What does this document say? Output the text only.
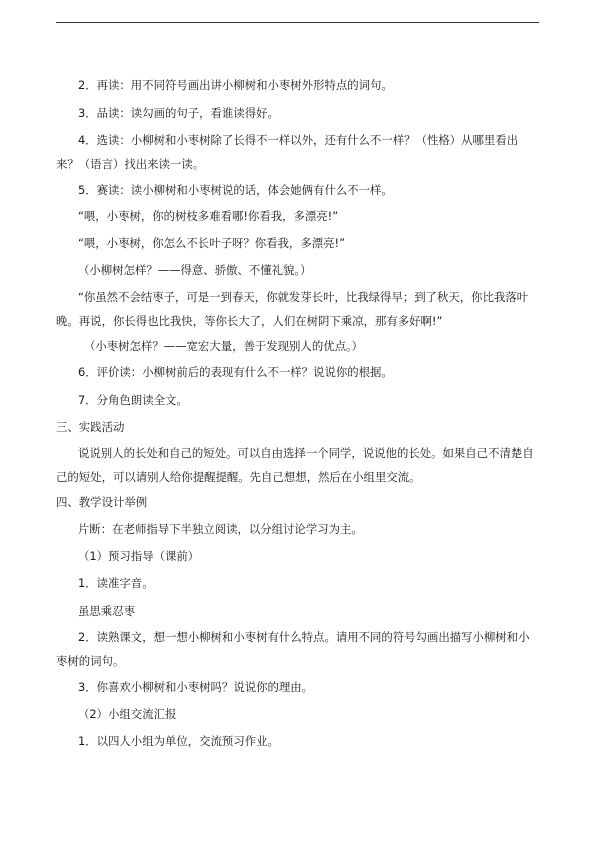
2．再读：用不同符号画出讲小柳树和小枣树外形特点的词句。
3．品读：读勾画的句子，看谁读得好。
4．选读：小柳树和小枣树除了长得不一样以外，还有什么不一样？（性格）从哪里看出来？（语言）找出来读一读。
5．赛读：读小柳树和小枣树说的话，体会她俩有什么不一样。
“喂，小枣树，你的树枝多难看哪!你看我，多漂亮!”
“喂，小枣树，你怎么不长叶子呀？你看我，多漂亮!”
（小柳树怎样？——得意、骄傲、不懂礼貌。）
“你虽然不会结枣子，可是一到春天，你就发芽长叶，比我绿得早；到了秋天，你比我落叶晚。再说，你长得也比我快，等你长大了，人们在树阴下乘凉，那有多好啊!”
（小枣树怎样？——宽宏大量，善于发现别人的优点。）
6．评价读：小柳树前后的表现有什么不一样？说说你的根据。
7．分角色朗读全文。
三、实践活动
说说别人的长处和自己的短处。可以自由选择一个同学，说说他的长处。如果自己不清楚自己的短处，可以请别人给你提醒提醒。先自己想想，然后在小组里交流。
四、教学设计举例
片断：在老师指导下半独立阅读，以分组讨论学习为主。
（1）预习指导（课前）
1．读准字音。
虽思乘忍枣
2．读熟课文，想一想小柳树和小枣树有什么特点。请用不同的符号勾画出描写小柳树和小枣树的词句。
3．你喜欢小柳树和小枣树吗？说说你的理由。
（2）小组交流汇报
1．以四人小组为单位，交流预习作业。
